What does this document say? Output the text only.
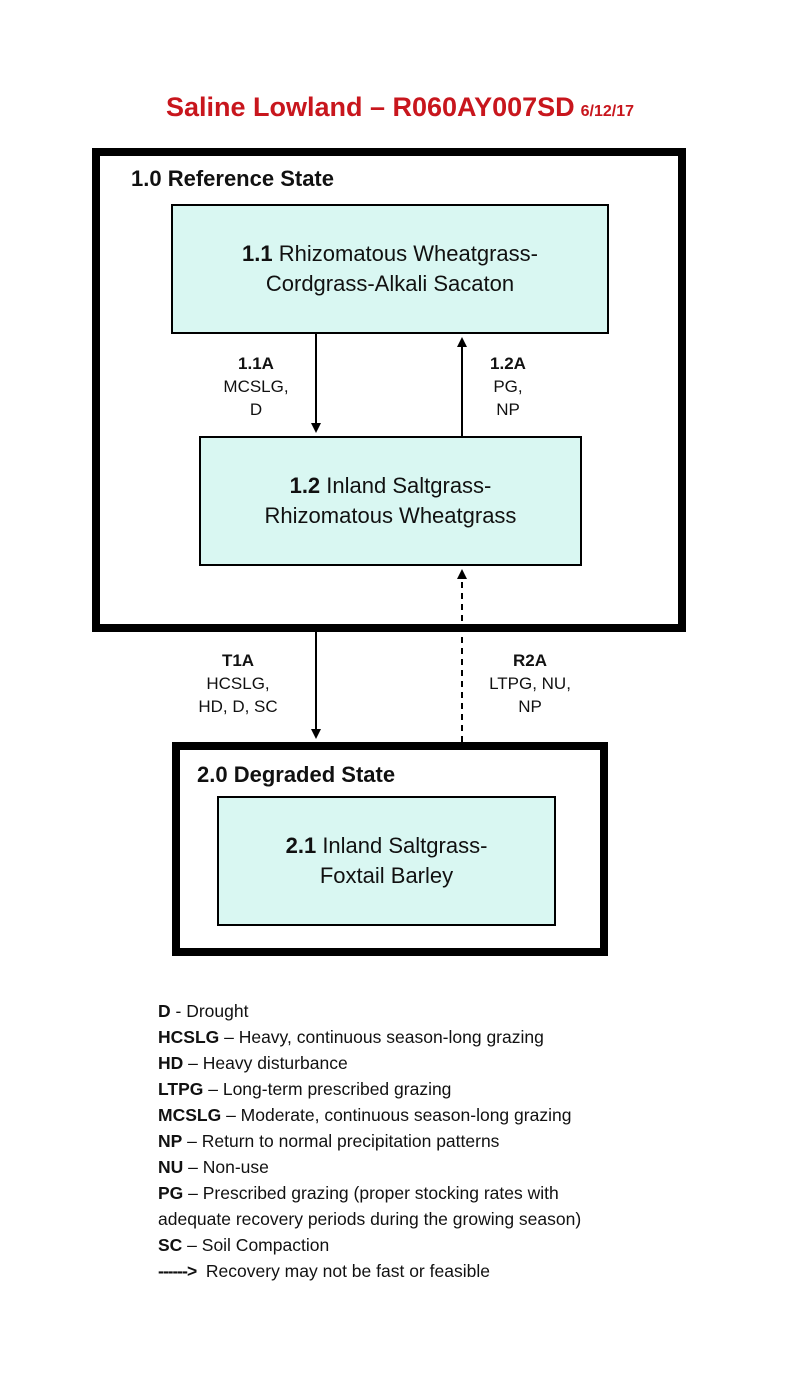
Saline Lowland – R060AY007SD 6/12/17
1.0 Reference State
2.0 Degraded State
1.1 Rhizomatous Wheatgrass-
Cordgrass-Alkali Sacaton
1.2 Inland Saltgrass-
Rhizomatous Wheatgrass
2.1 Inland Saltgrass-
Foxtail Barley
1.1A
MCSLG,
D
1.2A
PG,
NP
T1A
HCSLG,
HD, D, SC
R2A
LTPG, NU,
NP
D - Drought
HCSLG – Heavy, continuous season-long grazing
HD – Heavy disturbance
LTPG – Long-term prescribed grazing
MCSLG – Moderate, continuous season-long grazing
NP – Return to normal precipitation patterns
NU – Non-use
PG – Prescribed grazing (proper stocking rates with
adequate recovery periods during the growing season)
SC – Soil Compaction
------>  Recovery may not be fast or feasible
